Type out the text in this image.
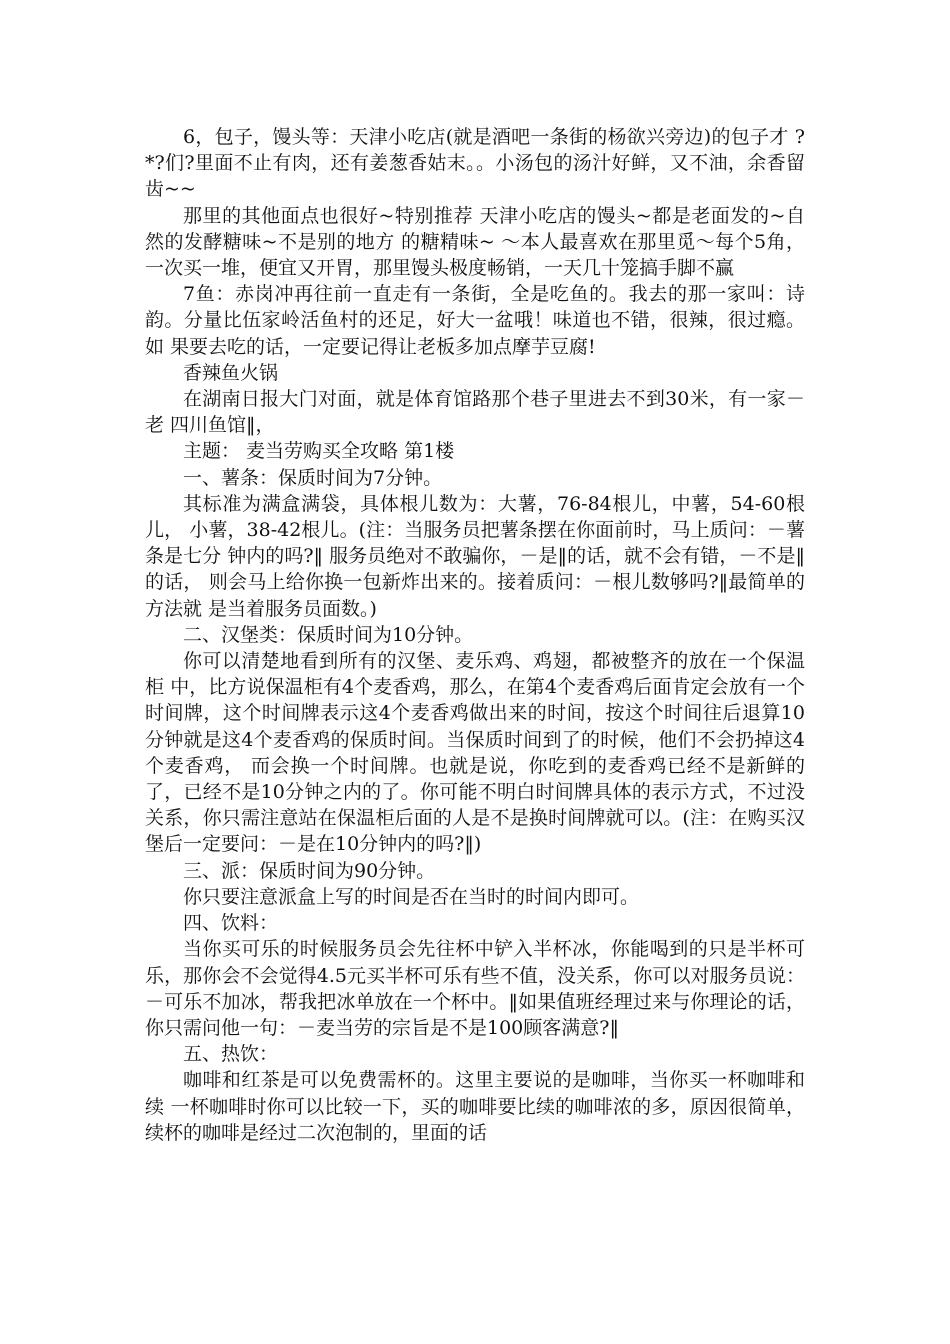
6，包子，馒头等：天津小吃店(就是酒吧一条街的杨欲兴旁边)的包子才 ?*?们?里面不止有肉，还有姜葱香姑末。。小汤包的汤汁好鲜，又不油，余香留齿~~

那里的其他面点也很好~特别推荐 天津小吃店的馒头~都是老面发的~自然的发酵糖味~不是别的地方 的糖精味~ ～本人最喜欢在那里觅～每个5角，一次买一堆，便宜又开胃，那里馒头极度畅销，一天几十笼搞手脚不赢

7鱼：赤岗冲再往前一直走有一条街，全是吃鱼的。我去的那一家叫：诗 韵。分量比伍家岭活鱼村的还足，好大一盆哦！味道也不错，很辣，很过瘾。如 果要去吃的话，一定要记得让老板多加点摩芋豆腐!

香辣鱼火锅

在湖南日报大门对面，就是体育馆路那个巷子里进去不到30米，有一家－老 四川鱼馆‖，

主题： 麦当劳购买全攻略 第1楼

一、薯条：保质时间为7分钟。

其标准为满盒满袋，具体根儿数为：大薯，76-84根儿，中薯，54-60根儿， 小薯，38-42根儿。(注：当服务员把薯条摆在你面前时，马上质问：－薯条是七分 钟内的吗?‖ 服务员绝对不敢骗你，－是‖的话，就不会有错，－不是‖的话， 则会马上给你换一包新炸出来的。接着质问：－根儿数够吗?‖最简单的方法就 是当着服务员面数。)

二、汉堡类：保质时间为10分钟。

你可以清楚地看到所有的汉堡、麦乐鸡、鸡翅，都被整齐的放在一个保温柜 中，比方说保温柜有4个麦香鸡，那么，在第4个麦香鸡后面肯定会放有一个时间牌，这个时间牌表示这4个麦香鸡做出来的时间，按这个时间往后退算10分钟就是这4个麦香鸡的保质时间。当保质时间到了的时候，他们不会扔掉这4个麦香鸡， 而会换一个时间牌。也就是说，你吃到的麦香鸡已经不是新鲜的了，已经不是10分钟之内的了。你可能不明白时间牌具体的表示方式，不过没关系，你只需注意站在保温柜后面的人是不是换时间牌就可以。(注：在购买汉堡后一定要问：－是在10分钟内的吗?‖)

三、派：保质时间为90分钟。

你只要注意派盒上写的时间是否在当时的时间内即可。

四、饮料：

当你买可乐的时候服务员会先往杯中铲入半杯冰，你能喝到的只是半杯可乐，那你会不会觉得4.5元买半杯可乐有些不值，没关系，你可以对服务员说：－可乐不加冰，帮我把冰单放在一个杯中。‖如果值班经理过来与你理论的话，你只需问他一句：－麦当劳的宗旨是不是100顾客满意?‖

五、热饮：

咖啡和红茶是可以免费需杯的。这里主要说的是咖啡，当你买一杯咖啡和续 一杯咖啡时你可以比较一下，买的咖啡要比续的咖啡浓的多，原因很简单，续杯的咖啡是经过二次泡制的，里面的话
